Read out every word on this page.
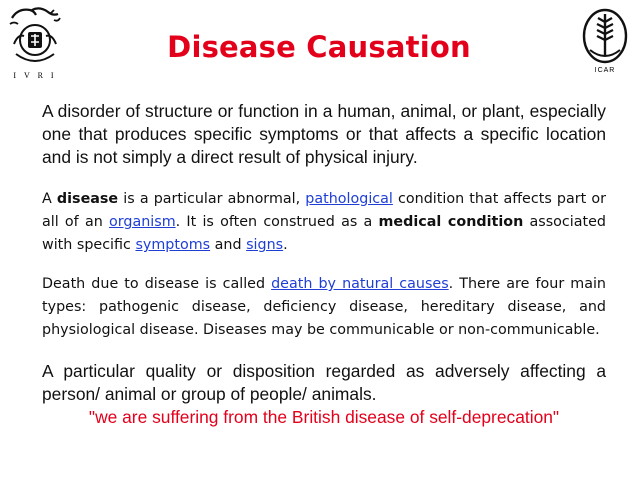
I V R I
ICAR
Disease Causation

A disorder of structure or function in a human, animal, or plant, especially one that produces specific symptoms or that affects a specific location and is not simply a direct result of physical injury.

A disease is a particular abnormal, pathological condition that affects part or all of an organism. It is often construed as a medical condition associated with specific symptoms and signs.

Death due to disease is called death by natural causes. There are four main types: pathogenic disease, deficiency disease, hereditary disease, and physiological disease. Diseases may be communicable or non-communicable.

A particular quality or disposition regarded as adversely affecting a person/ animal or group of people/ animals.

"we are suffering from the British disease of self-deprecation"
